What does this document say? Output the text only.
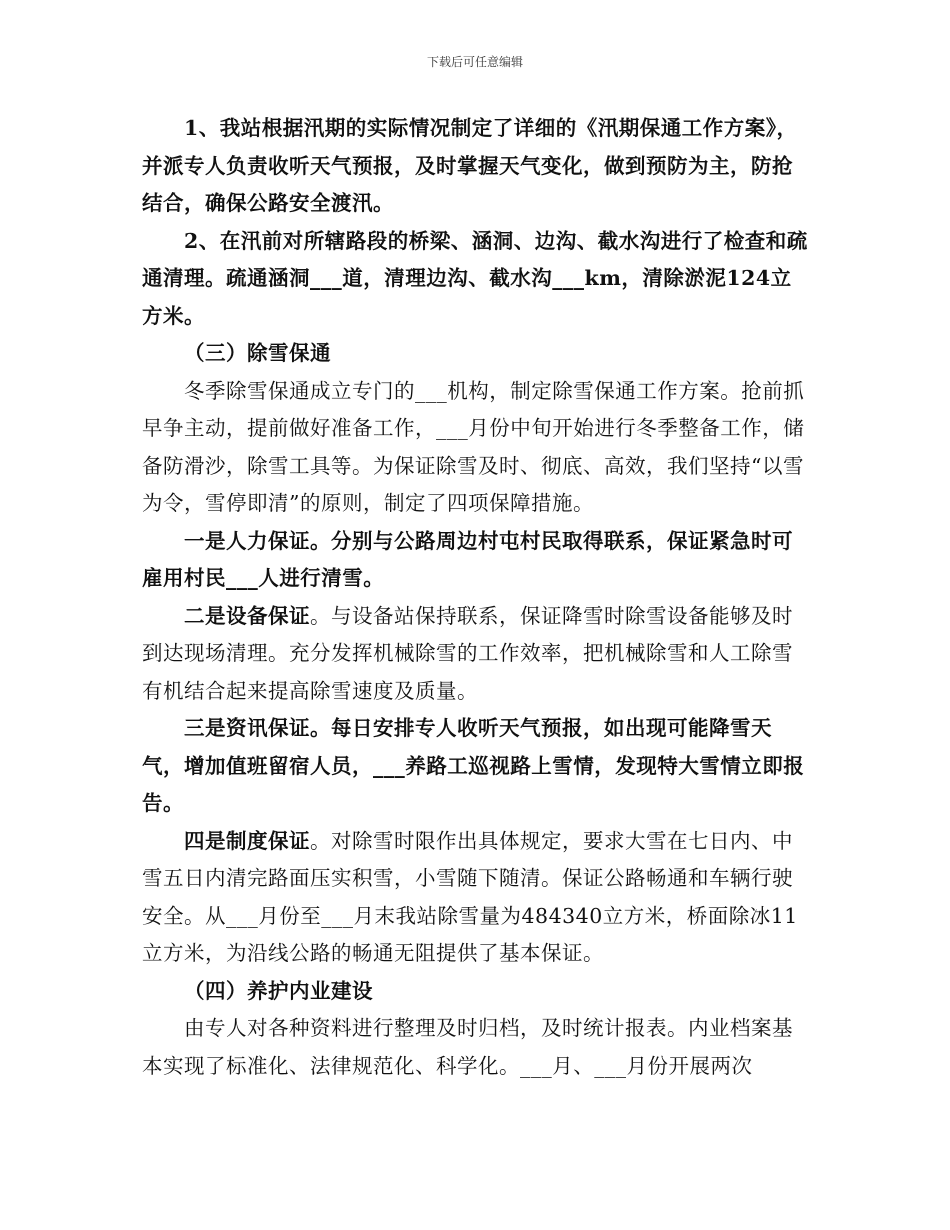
下载后可任意编辑

1、我站根据汛期的实际情况制定了详细的《汛期保通工作方案》，并派专人负责收听天气预报，及时掌握天气变化，做到预防为主，防抢结合，确保公路安全渡汛。

2、在汛前对所辖路段的桥梁、涵洞、边沟、截水沟进行了检查和疏通清理。疏通涵洞___道，清理边沟、截水沟___km，清除淤泥124立方米。

（三）除雪保通

冬季除雪保通成立专门的___机构，制定除雪保通工作方案。抢前抓早争主动，提前做好准备工作，___月份中旬开始进行冬季整备工作，储备防滑沙，除雪工具等。为保证除雪及时、彻底、高效，我们坚持“以雪为令，雪停即清”的原则，制定了四项保障措施。

一是人力保证。分别与公路周边村屯村民取得联系，保证紧急时可雇用村民___人进行清雪。

二是设备保证。与设备站保持联系，保证降雪时除雪设备能够及时到达现场清理。充分发挥机械除雪的工作效率，把机械除雪和人工除雪有机结合起来提高除雪速度及质量。

三是资讯保证。每日安排专人收听天气预报，如出现可能降雪天气，增加值班留宿人员，___养路工巡视路上雪情，发现特大雪情立即报告。

四是制度保证。对除雪时限作出具体规定，要求大雪在七日内、中雪五日内清完路面压实积雪，小雪随下随清。保证公路畅通和车辆行驶安全。从___月份至___月末我站除雪量为484340立方米，桥面除冰11立方米，为沿线公路的畅通无阻提供了基本保证。

（四）养护内业建设

由专人对各种资料进行整理及时归档，及时统计报表。内业档案基本实现了标准化、法律规范化、科学化。___月、___月份开展两次
